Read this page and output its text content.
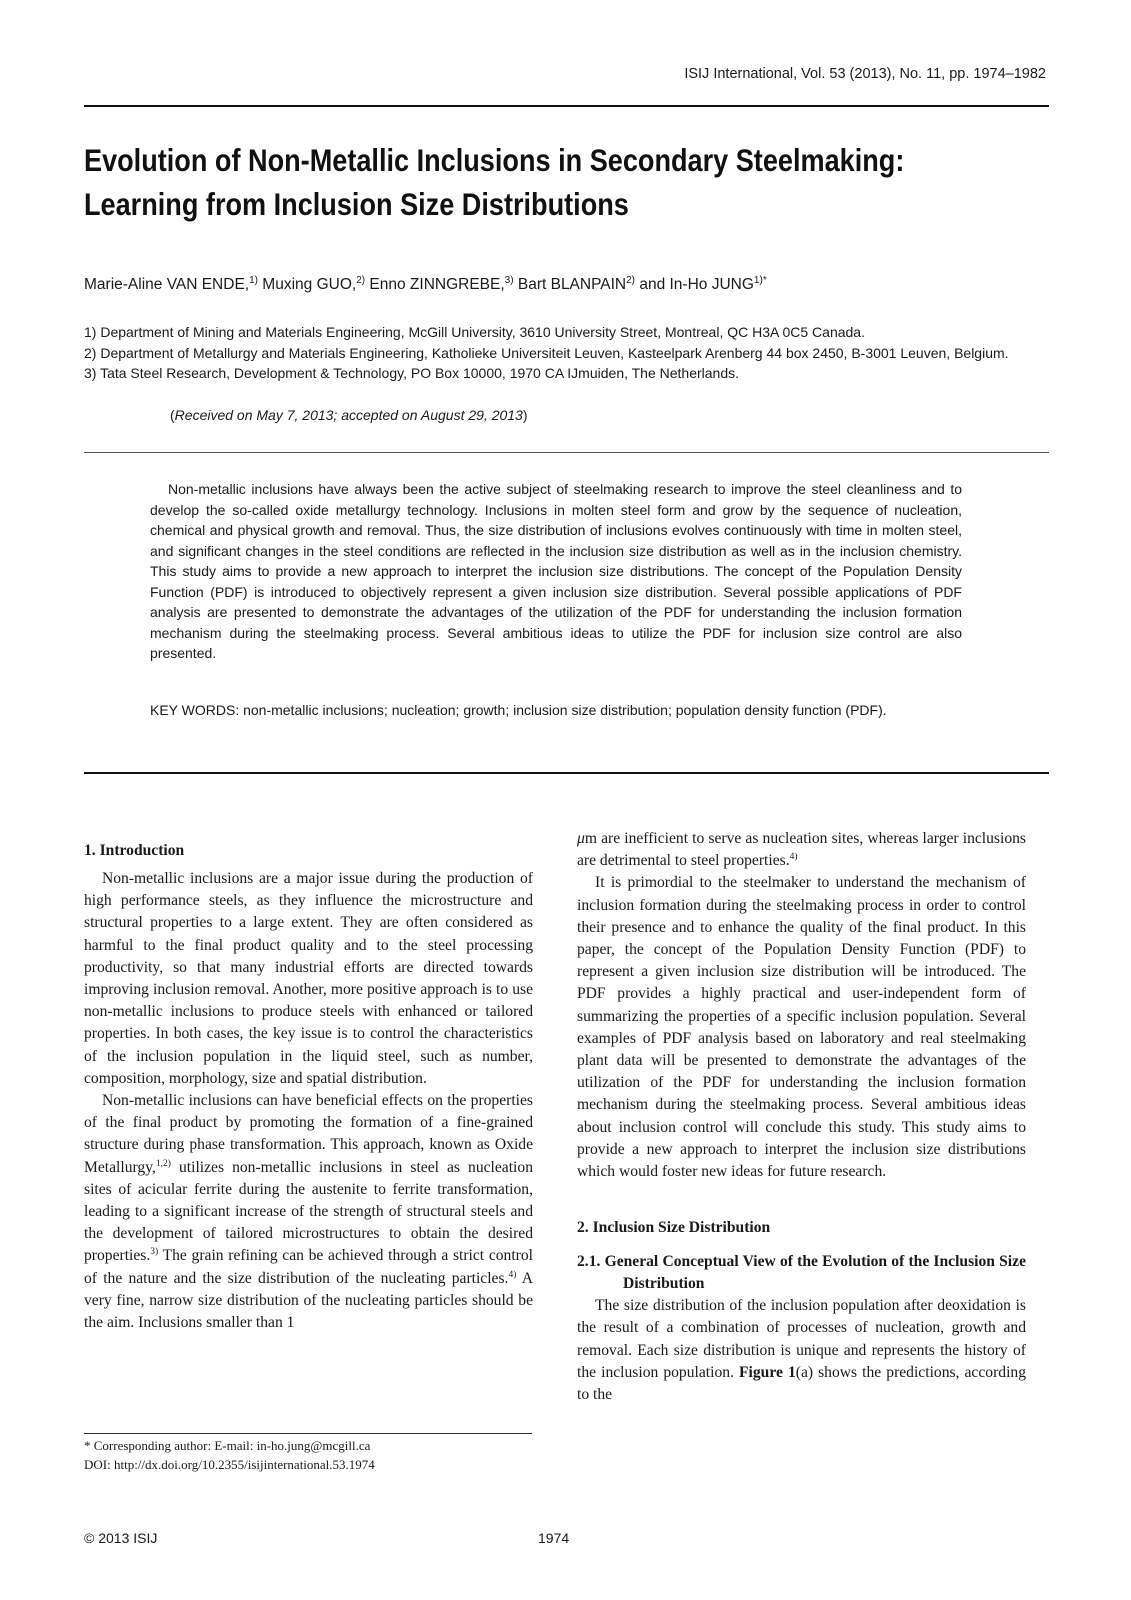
ISIJ International, Vol. 53 (2013), No. 11, pp. 1974–1982
Evolution of Non-Metallic Inclusions in Secondary Steelmaking:
Learning from Inclusion Size Distributions
Marie-Aline VAN ENDE,$^{1)}$ Muxing GUO,$^{2)}$ Enno ZINNGREBE,$^{3)}$ Bart BLANPAIN$^{2)}$ and In-Ho $JUNG^{1)*}$
1) Department of Mining and Materials Engineering, McGill University, 3610 University Street, Montreal, QC H3A 0C5 Canada.
2) Department of Metallurgy and Materials Engineering, Katholieke Universiteit Leuven, Kasteelpark Arenberg 44 box 2450, B-3001 Leuven, Belgium.
3) Tata Steel Research, Development & Technology, PO Box 10000, 1970 CA IJmuiden, The Netherlands.
(Received on May 7, 2013; accepted on August 29, 2013)

Non-metallic inclusions have always been the active subject of steelmaking research to improve the steel cleanliness and to develop the so-called oxide metallurgy technology. Inclusions in molten steel form and grow by the sequence of nucleation, chemical and physical growth and removal. Thus, the size distribution of inclusions evolves continuously with time in molten steel, and significant changes in the steel conditions are reflected in the inclusion size distribution as well as in the inclusion chemistry. This study aims to provide a new approach to interpret the inclusion size distributions. The concept of the Population Density Function (PDF) is introduced to objectively represent a given inclusion size distribution. Several possible applications of PDF analysis are presented to demonstrate the advantages of the utilization of the PDF for understanding the inclusion formation mechanism during the steelmaking process. Several ambitious ideas to utilize the PDF for inclusion size control are also presented.

KEY WORDS: non-metallic inclusions; nucleation; growth; inclusion size distribution; population density function (PDF).
1. Introduction

Non-metallic inclusions are a major issue during the production of high performance steels, as they influence the microstructure and structural properties to a large extent. They are often considered as harmful to the final product quality and to the steel processing productivity, so that many industrial efforts are directed towards improving inclusion removal. Another, more positive approach is to use non-metallic inclusions to produce steels with enhanced or tailored properties. In both cases, the key issue is to control the characteristics of the inclusion population in the liquid steel, such as number, composition, morphology, size and spatial distribution.

Non-metallic inclusions can have beneficial effects on the properties of the final product by promoting the formation of a fine-grained structure during phase transformation. This approach, known as Oxide Metallurgy,$^{1,2)}$ utilizes non-metallic inclusions in steel as nucleation sites of acicular ferrite during the austenite to ferrite transformation, leading to a significant increase of the strength of structural steels and the development of tailored microstructures to obtain the desired properties.$^{3)}$ The grain refining can be achieved through a strict control of the nature and the size distribution of the nucleating particles.$^{4)}$ A very fine, narrow size distribution of the nucleating particles should be the aim. Inclusions smaller than 1

μm are inefficient to serve as nucleation sites, whereas larger inclusions are detrimental to steel properties.$^{4)}$

It is primordial to the steelmaker to understand the mechanism of inclusion formation during the steelmaking process in order to control their presence and to enhance the quality of the final product. In this paper, the concept of the Population Density Function (PDF) to represent a given inclusion size distribution will be introduced. The PDF provides a highly practical and user-independent form of summarizing the properties of a specific inclusion population. Several examples of PDF analysis based on laboratory and real steelmaking plant data will be presented to demonstrate the advantages of the utilization of the PDF for understanding the inclusion formation mechanism during the steelmaking process. Several ambitious ideas about inclusion control will conclude this study. This study aims to provide a new approach to interpret the inclusion size distributions which would foster new ideas for future research.

2. Inclusion Size Distribution
2.1. General Conceptual View of the Evolution of the Inclusion Size Distribution

The size distribution of the inclusion population after deoxidation is the result of a combination of processes of nucleation, growth and removal. Each size distribution is unique and represents the history of the inclusion population. Figure 1(a) shows the predictions, according to the

* Corresponding author: E-mail: in-ho.jung@mcgill.ca
DOI: http://dx.doi.org/10.2355/isijinternational.53.1974
© 2013 ISIJ	1974
